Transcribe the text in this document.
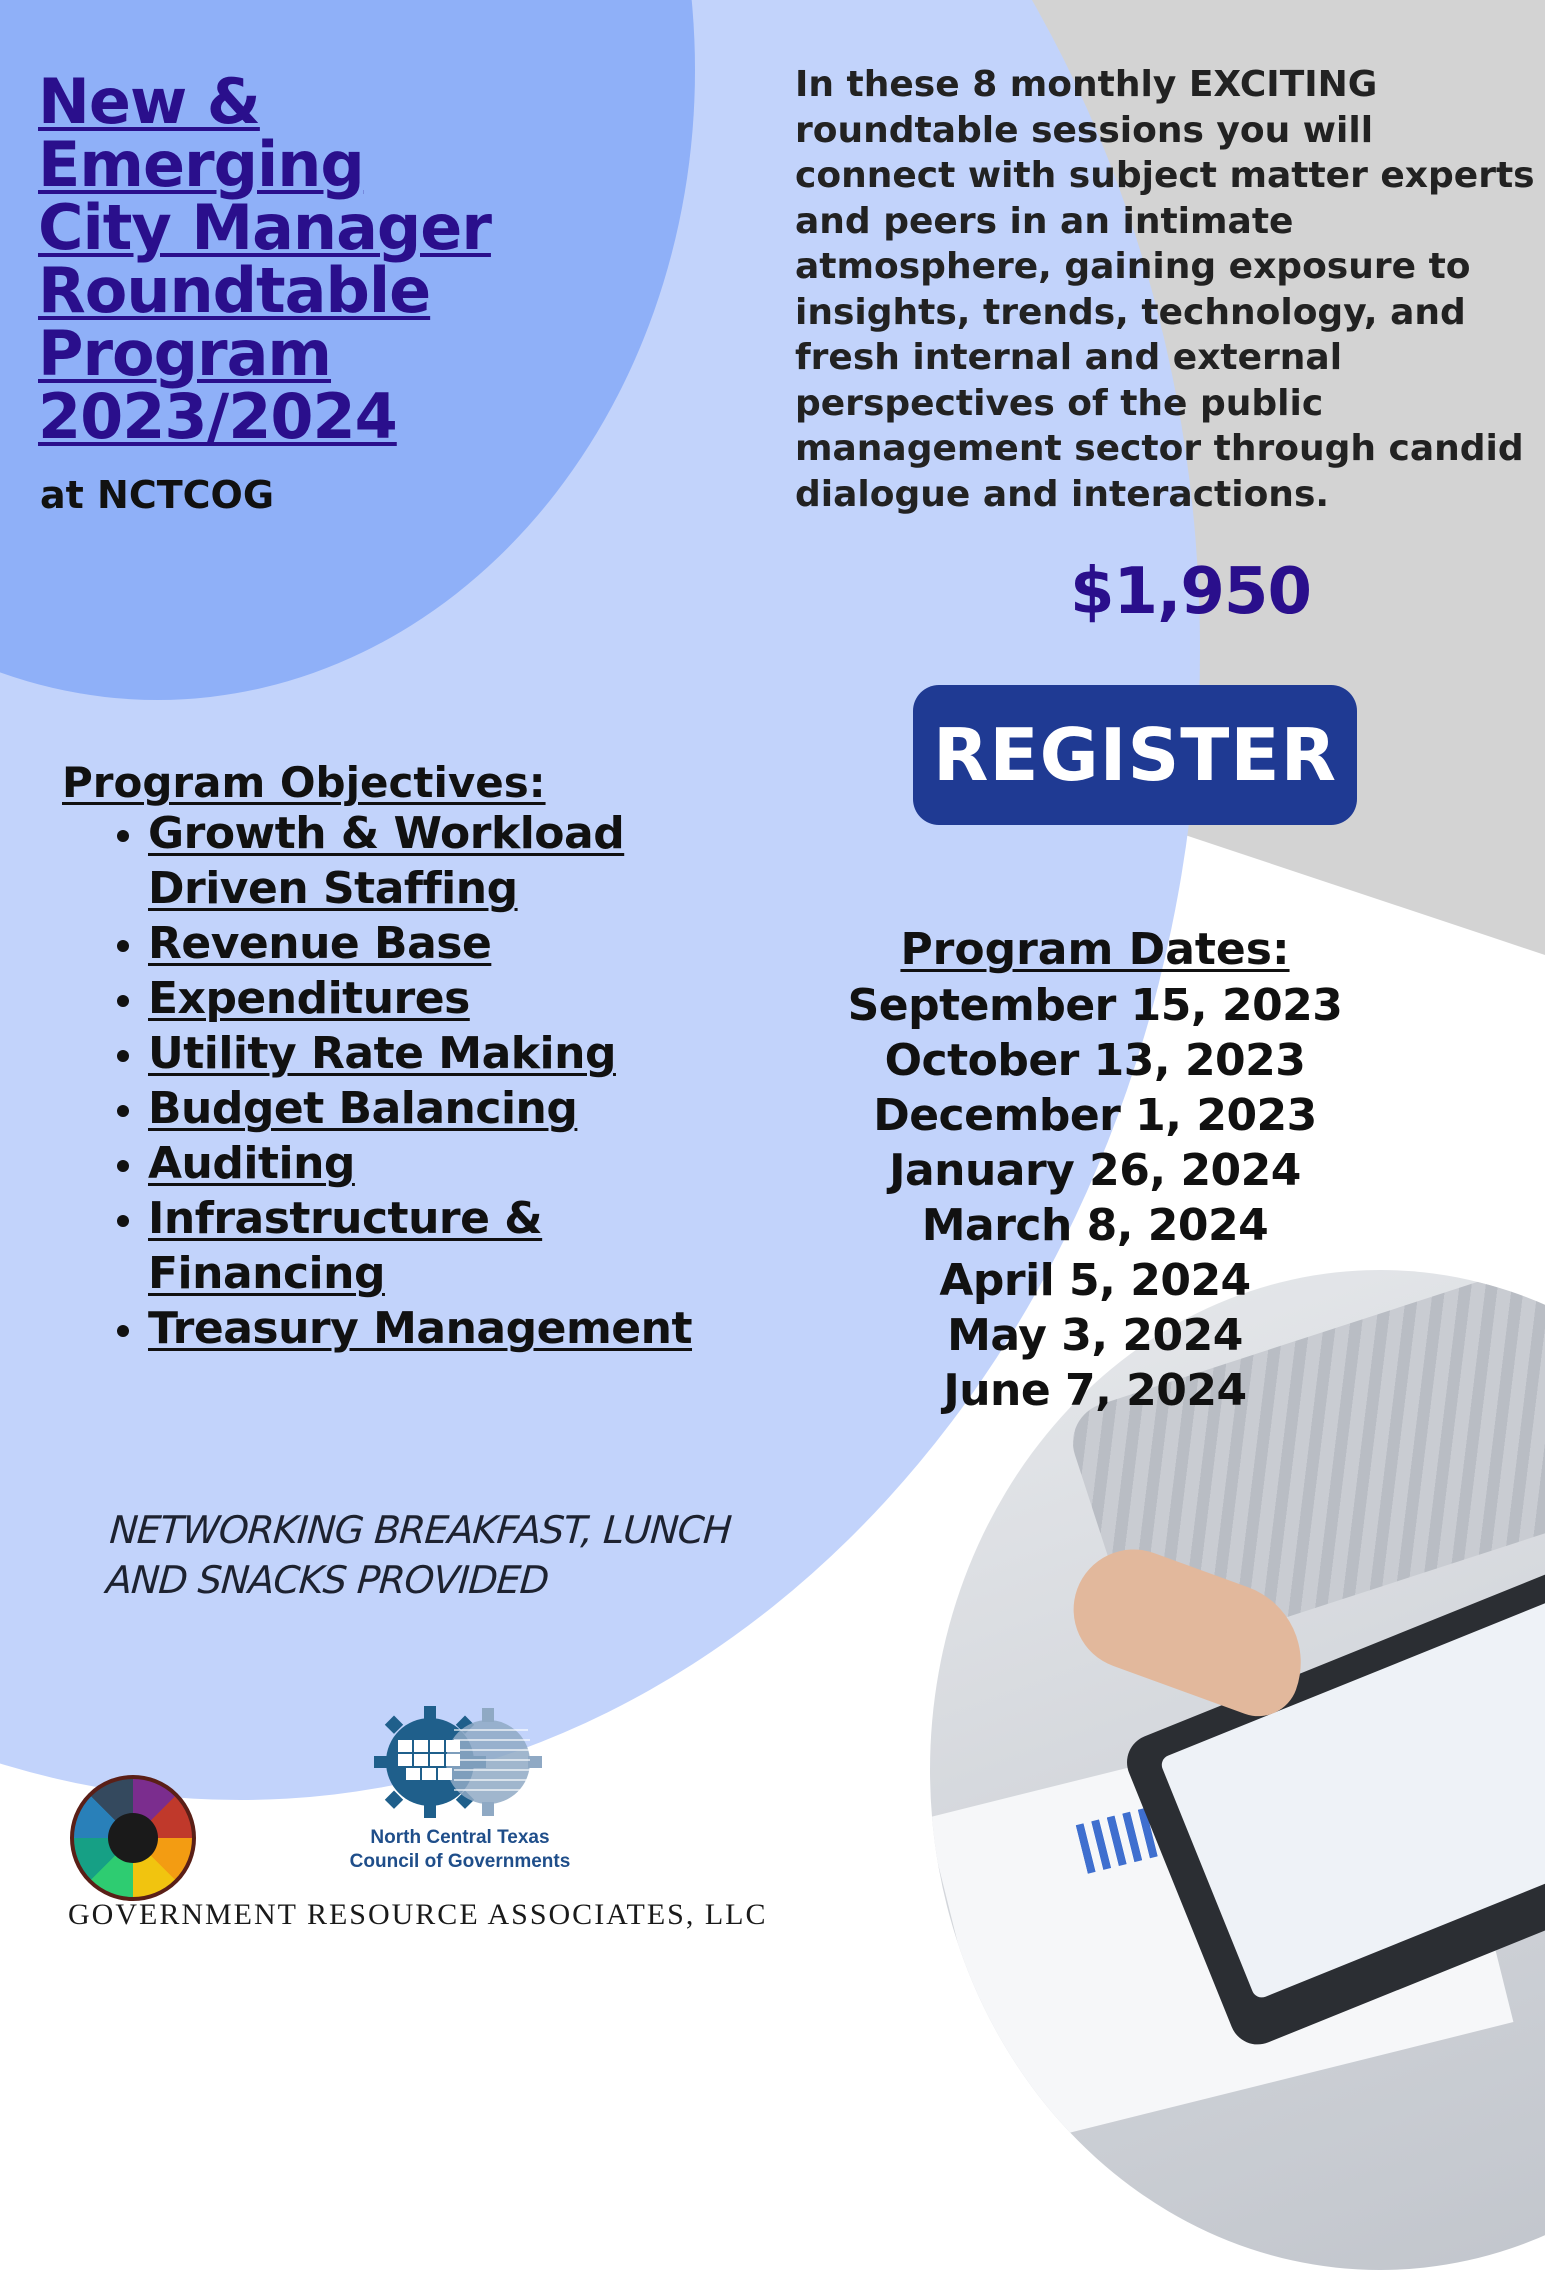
New &
Emerging
City Manager
Roundtable
Program
2023/2024
at NCTCOG
In these 8 monthly EXCITING roundtable sessions you will connect with subject matter experts and peers in an intimate atmosphere, gaining exposure to insights, trends, technology, and fresh internal and external perspectives of the public management sector through candid dialogue and interactions.
$1,950
REGISTER
Program Objectives:
• Growth & Workload Driven Staffing
• Revenue Base
• Expenditures
• Utility Rate Making
• Budget Balancing
• Auditing
• Infrastructure & Financing
• Treasury Management
Program Dates:
September 15, 2023
October 13, 2023
December 1, 2023
January 26, 2024
March 8, 2024
April 5, 2024
May 3, 2024
June 7, 2024
NETWORKING BREAKFAST, LUNCH
AND SNACKS PROVIDED
North Central Texas
Council of Governments
GOVERNMENT RESOURCE ASSOCIATES, LLC
